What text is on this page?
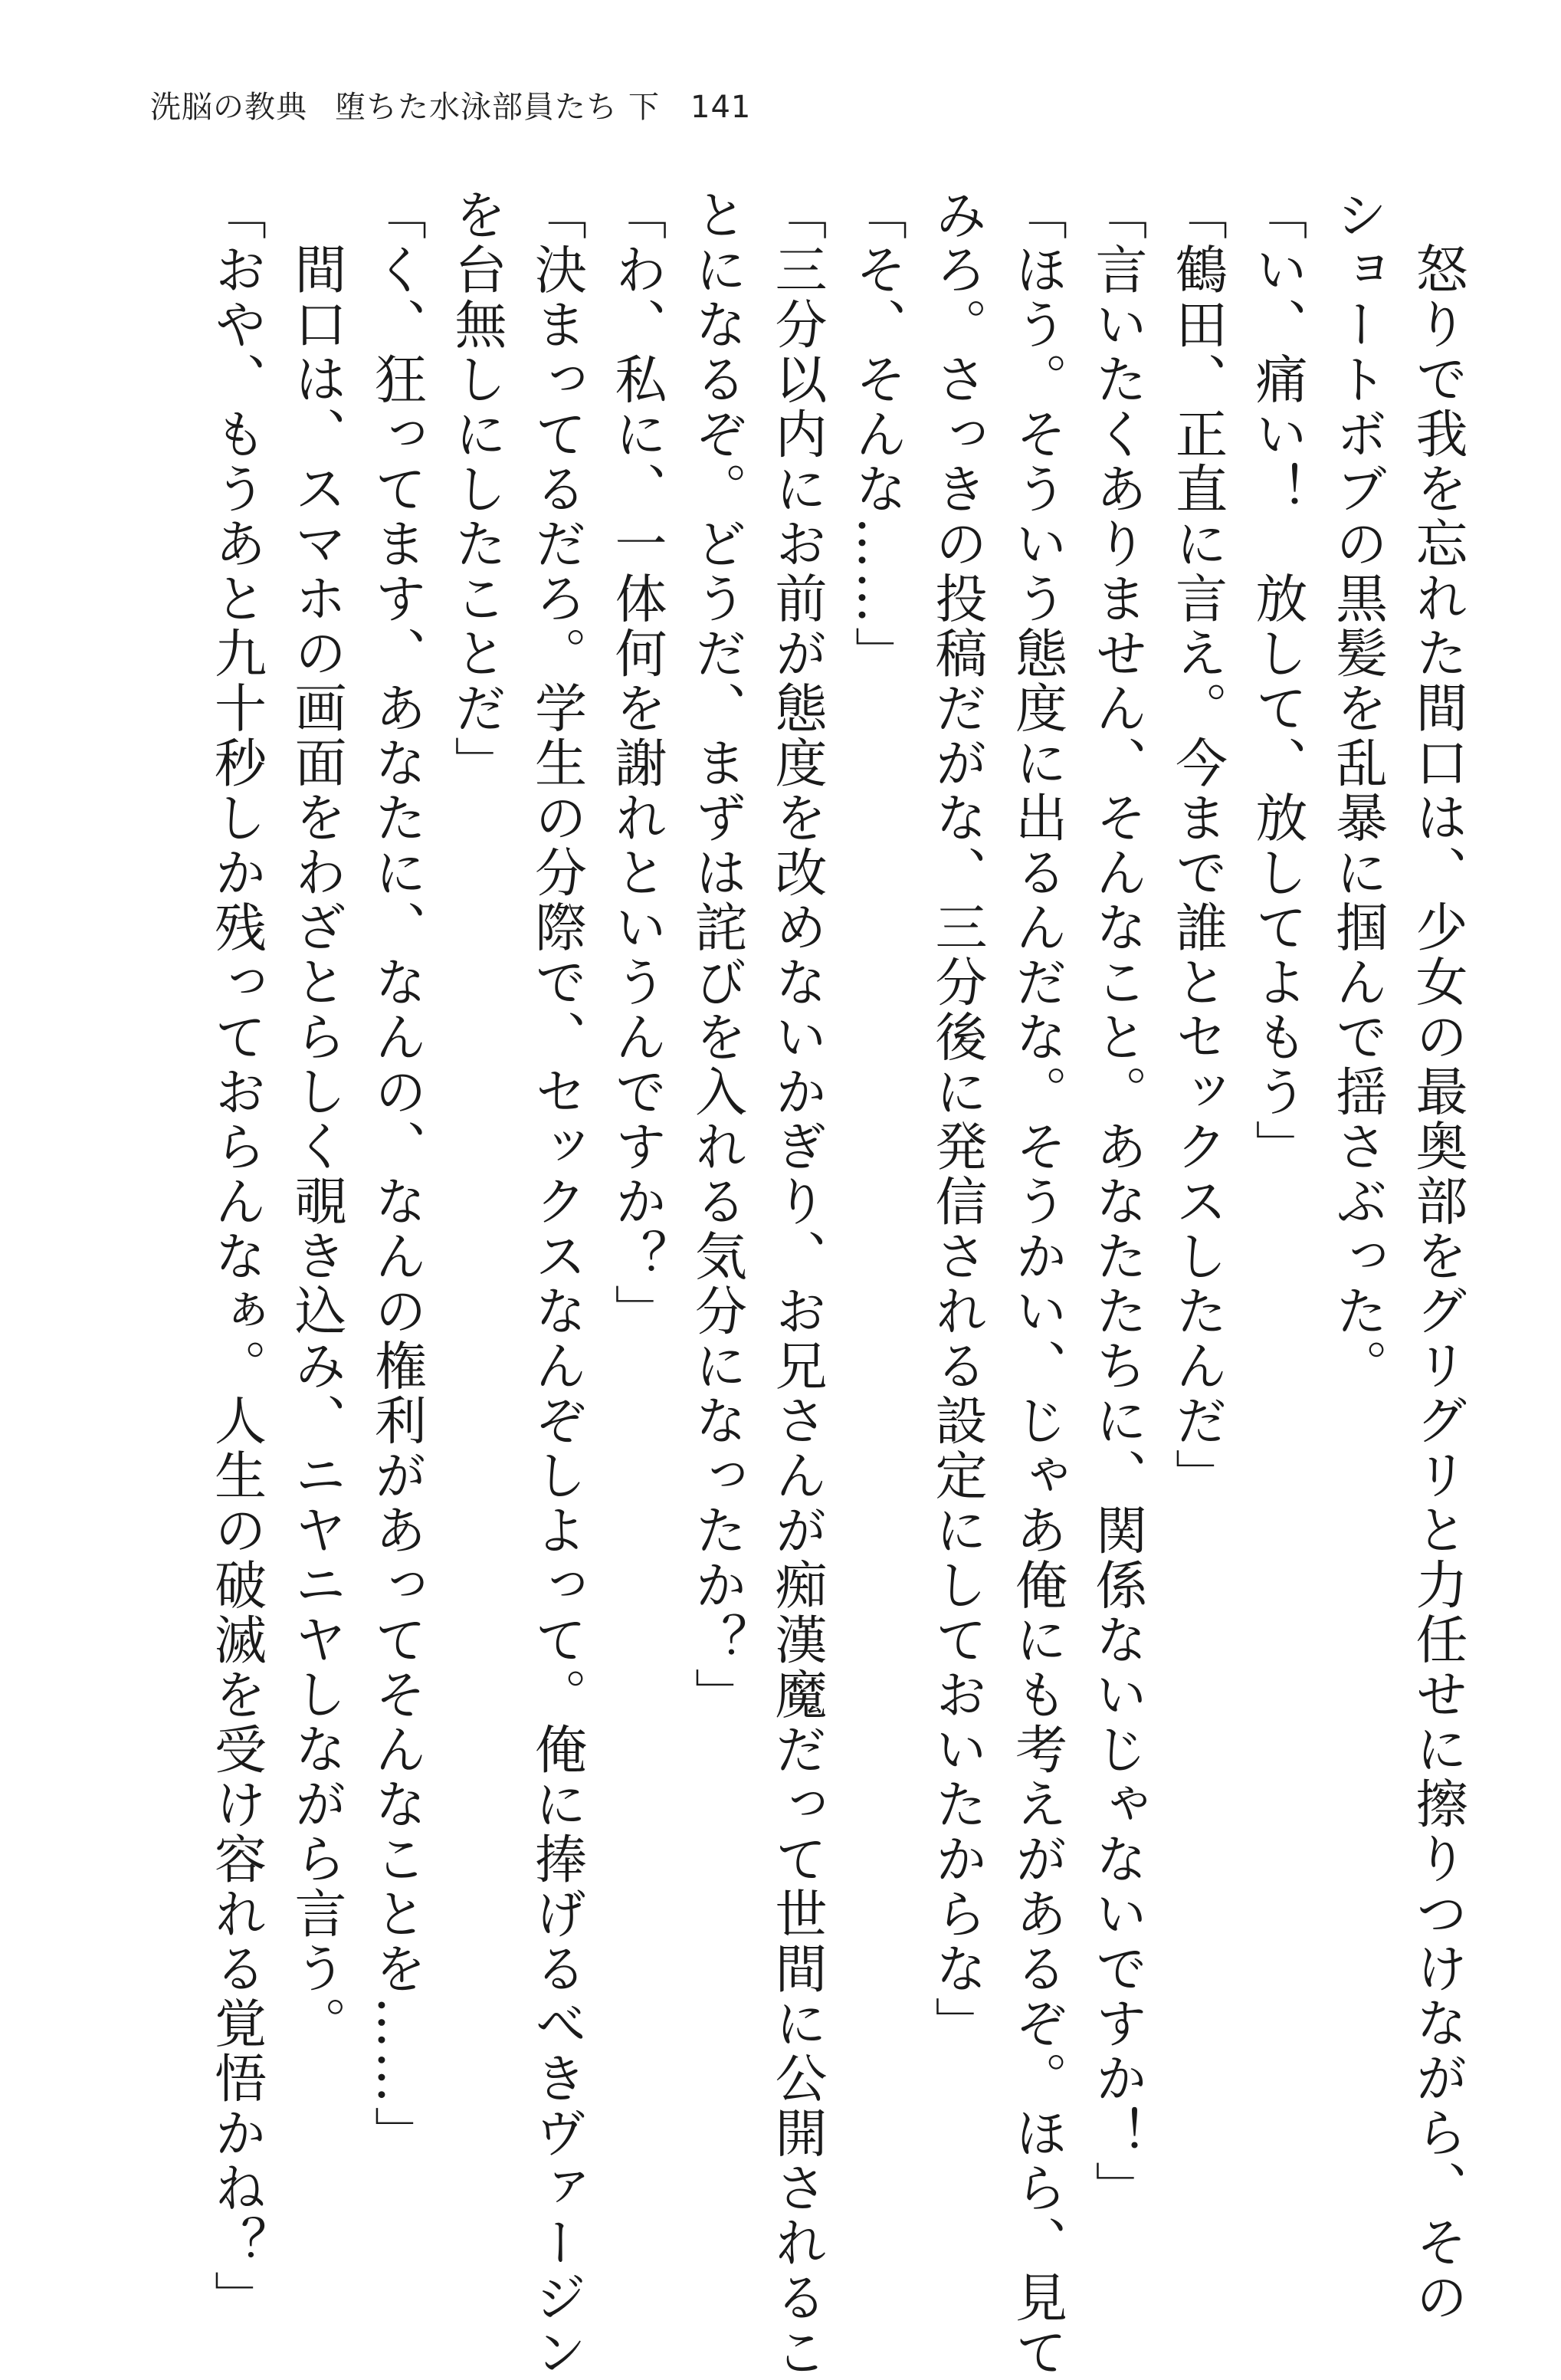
洗脳の教典 堕ちた水泳部員たち 下 141

怒りで我を忘れた間口は、少女の最奥部をグリグリと力任せに擦りつけながら、その

ショートボブの黒髪を乱暴に掴んで揺さぶった。

「い、痛い！　放して、放してよもう」

「鶴田、正直に言え。今まで誰とセックスしたんだ」

「言いたくありません、そんなこと。あなたたちに、関係ないじゃないですか！」

「ほう。そういう態度に出るんだな。そうかい、じゃあ俺にも考えがあるぞ。ほら、見て

みろ。さっきの投稿だがな、三分後に発信される設定にしておいたからな」

「そ、そんな……」

「三分以内にお前が態度を改めないかぎり、お兄さんが痴漢魔だって世間に公開されるこ

とになるぞ。どうだ、まずは詫びを入れる気分になったか？」

「わ、私に、一体何を謝れというんですか？」

「決まってるだろ。学生の分際で、セックスなんぞしよって。俺に捧げるべきヴァージン

を台無しにしたことだ」

「く、狂ってます、あなたに、なんの、なんの権利があってそんなことを……」

間口は、スマホの画面をわざとらしく覗き込み、ニヤニヤしながら言う。

「おや、もうあと九十秒しか残っておらんなぁ。人生の破滅を受け容れる覚悟かね？」
